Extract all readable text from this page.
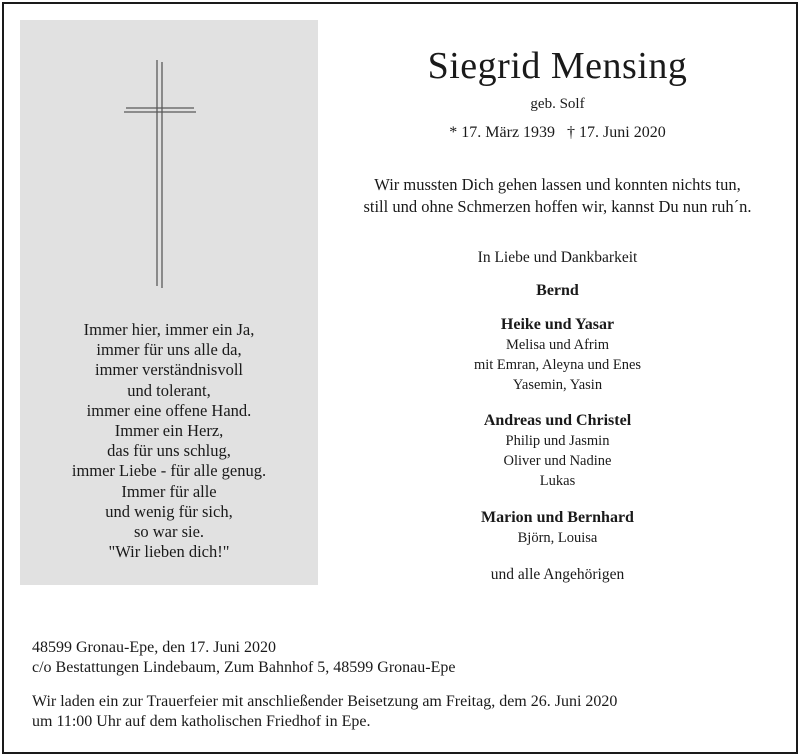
Immer hier, immer ein Ja,
immer für uns alle da,
immer verständnisvoll
und tolerant,
immer eine offene Hand.
Immer ein Herz,
das für uns schlug,
immer Liebe - für alle genug.
Immer für alle
und wenig für sich,
so war sie.
"Wir lieben dich!"
Siegrid Mensing
geb. Solf
* 17. März 1939   † 17. Juni 2020
Wir mussten Dich gehen lassen und konnten nichts tun,
still und ohne Schmerzen hoffen wir, kannst Du nun ruh´n.
In Liebe und Dankbarkeit
Bernd
Heike und Yasar
Melisa und Afrim
mit Emran, Aleyna und Enes
Yasemin, Yasin
Andreas und Christel
Philip und Jasmin
Oliver und Nadine
Lukas
Marion und Bernhard
Björn, Louisa
und alle Angehörigen
48599 Gronau-Epe, den 17. Juni 2020
c/o Bestattungen Lindebaum, Zum Bahnhof 5, 48599 Gronau-Epe
Wir laden ein zur Trauerfeier mit anschließender Beisetzung am Freitag, dem 26. Juni 2020
um 11:00 Uhr auf dem katholischen Friedhof in Epe.
